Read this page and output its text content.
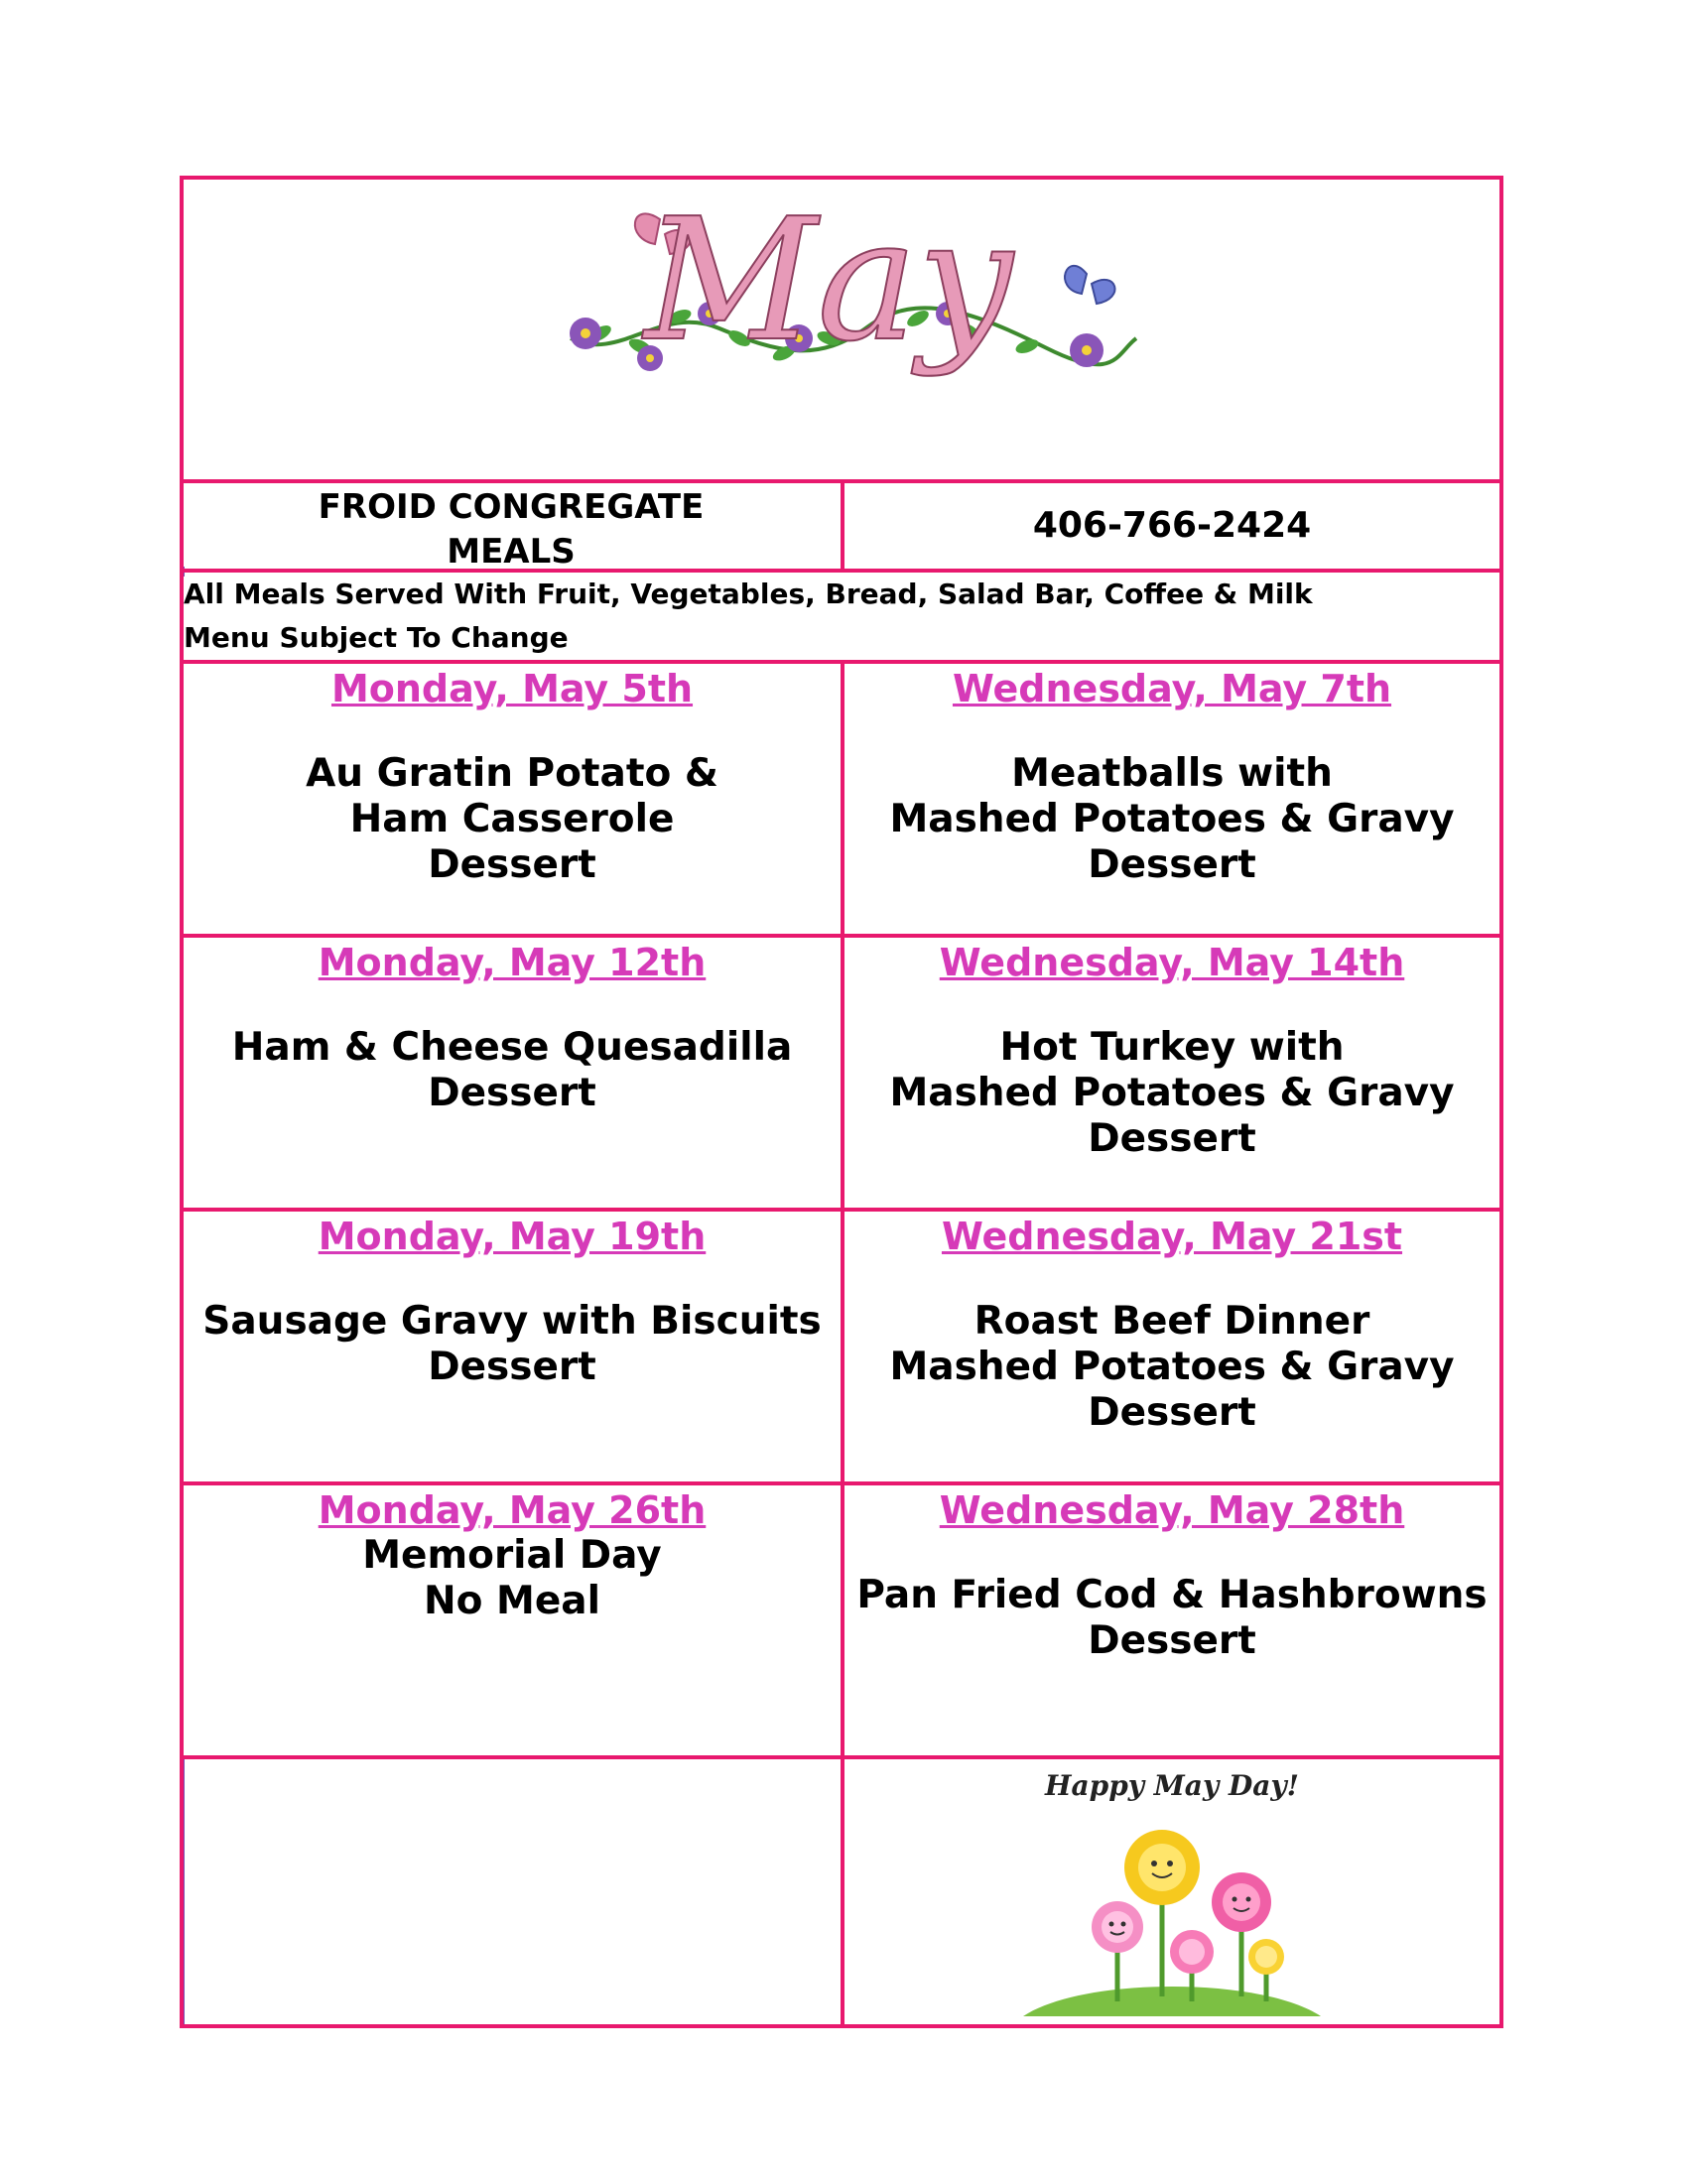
May
FROID CONGREGATE MEALS
406-766-2424
All Meals Served With Fruit, Vegetables, Bread, Salad Bar, Coffee & Milk
Menu Subject To Change
Monday, May 5th
Au Gratin Potato &
Ham Casserole
Dessert
Wednesday, May 7th
Meatballs with
Mashed Potatoes & Gravy
Dessert
Monday, May 12th
Ham & Cheese Quesadilla
Dessert
Wednesday, May 14th
Hot Turkey with
Mashed Potatoes & Gravy
Dessert
Monday, May 19th
Sausage Gravy with Biscuits
Dessert
Wednesday, May 21st
Roast Beef Dinner
Mashed Potatoes & Gravy
Dessert
Monday, May 26th
Memorial Day
No Meal
Wednesday, May 28th
Pan Fried Cod & Hashbrowns
Dessert
Happy May Day!
